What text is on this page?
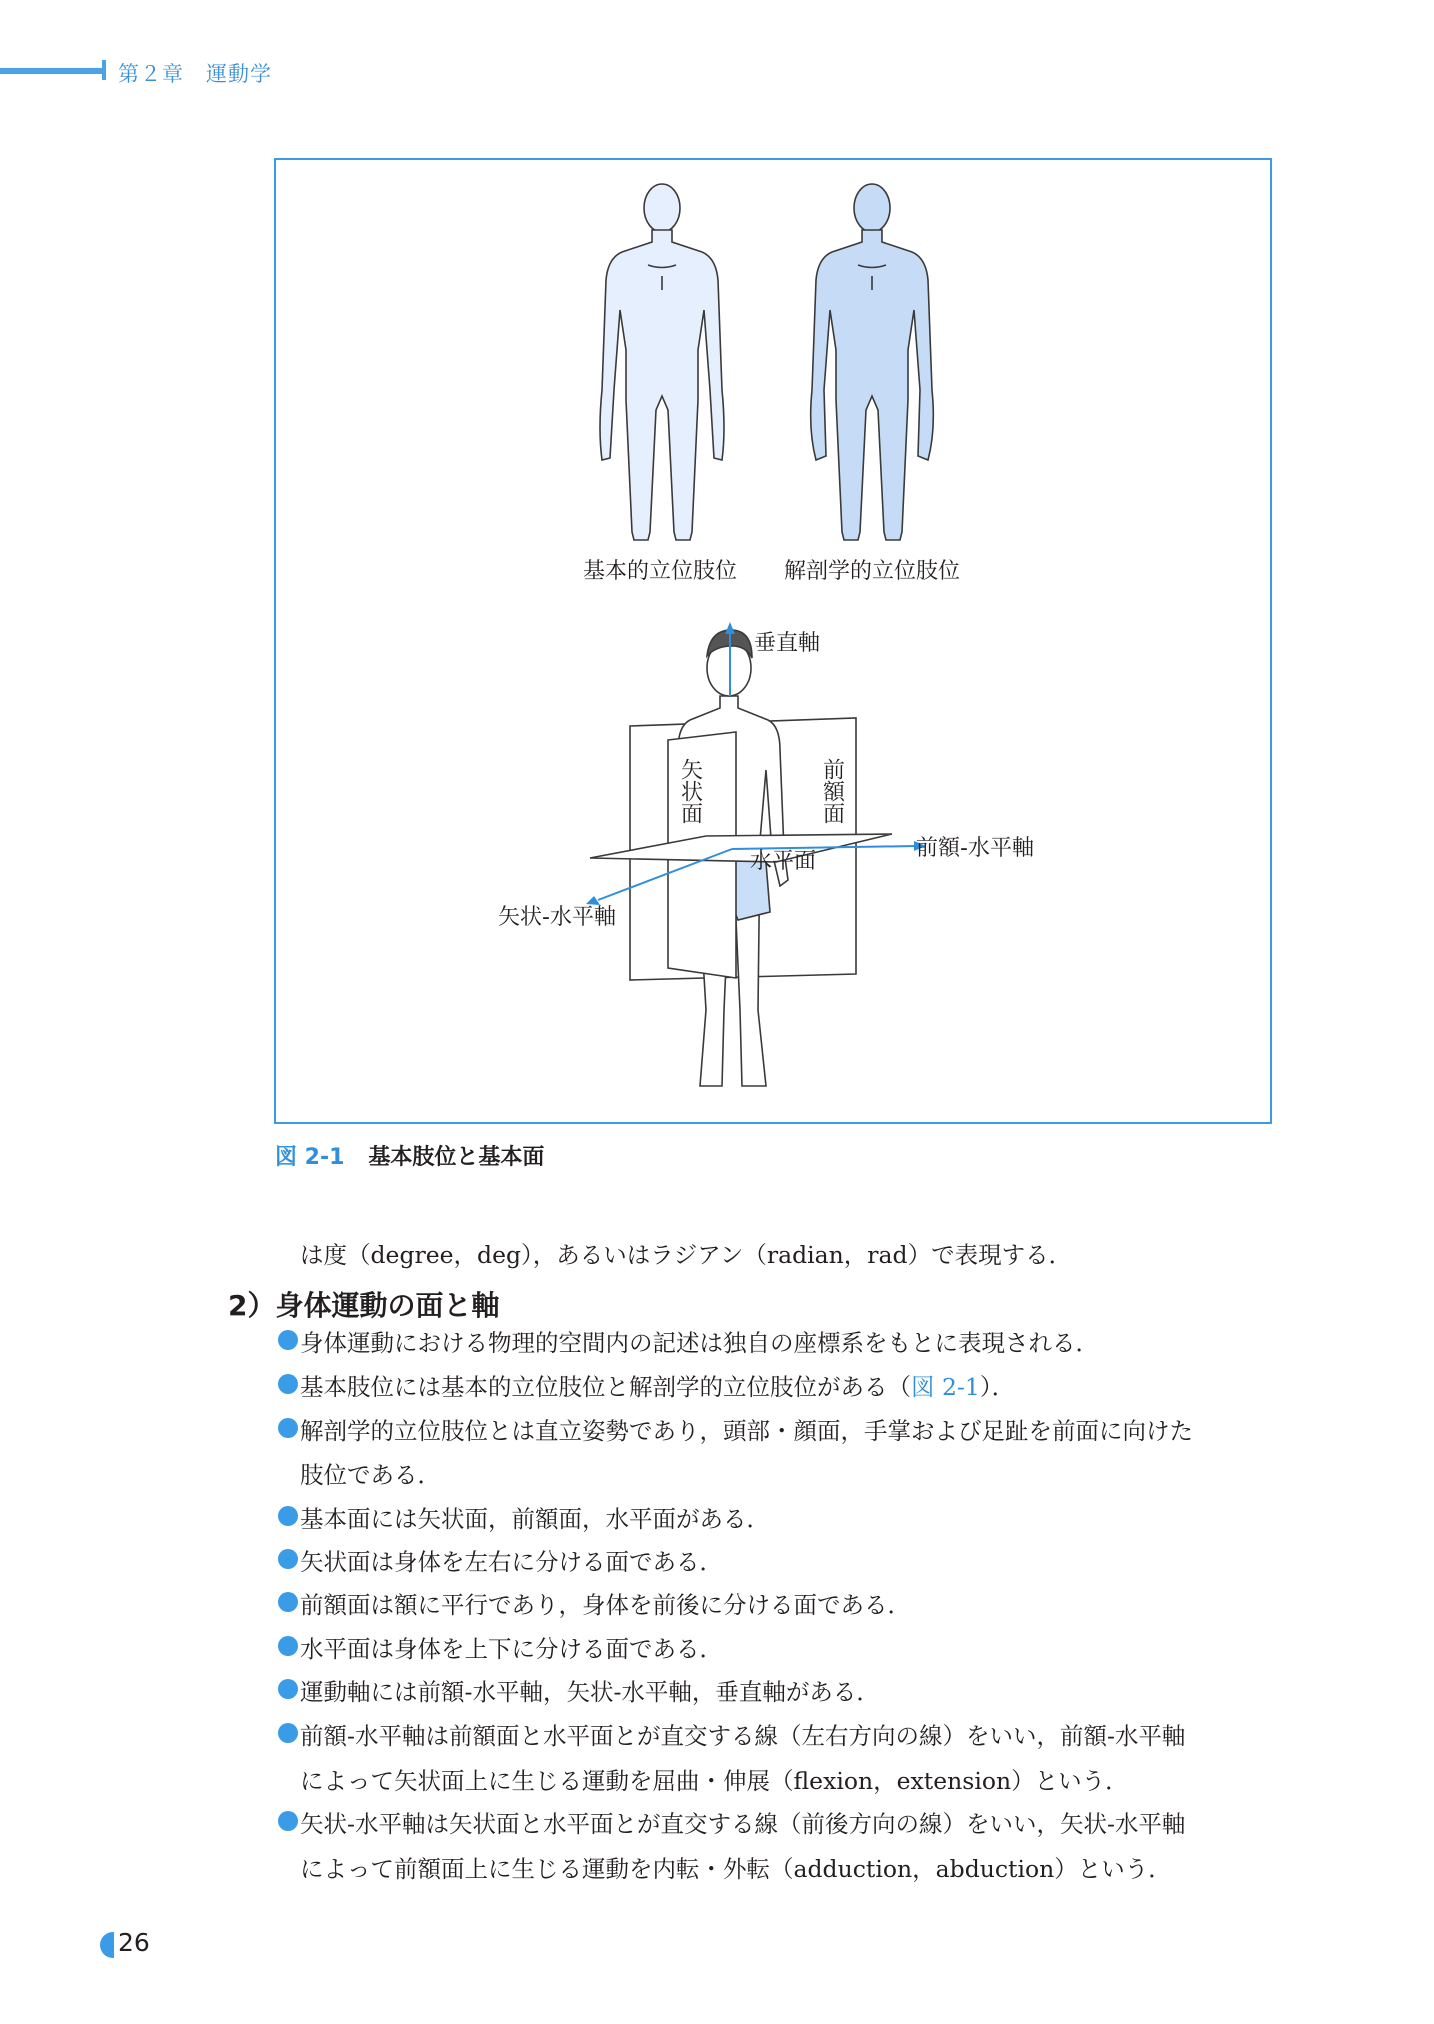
第２章　運動学
基本的立位肢位 解剖学的立位肢位
垂直軸
前額-水平軸
矢状-水平軸
水平面
矢状面	前額面
図 2-1 基本肢位と基本面
は度（degree，deg），あるいはラジアン（radian，rad）で表現する．
2）身体運動の面と軸
身体運動における物理的空間内の記述は独自の座標系をもとに表現される．
基本肢位には基本的立位肢位と解剖学的立位肢位がある（図 2-1）．
解剖学的立位肢位とは直立姿勢であり，頭部・顔面，手掌および足趾を前面に向けた
肢位である．
基本面には矢状面，前額面，水平面がある．
矢状面は身体を左右に分ける面である．
前額面は額に平行であり，身体を前後に分ける面である．
水平面は身体を上下に分ける面である．
運動軸には前額-水平軸，矢状-水平軸，垂直軸がある．
前額-水平軸は前額面と水平面とが直交する線（左右方向の線）をいい，前額-水平軸
によって矢状面上に生じる運動を屈曲・伸展（flexion，extension）という．
矢状-水平軸は矢状面と水平面とが直交する線（前後方向の線）をいい，矢状-水平軸
によって前額面上に生じる運動を内転・外転（adduction，abduction）という．
26
